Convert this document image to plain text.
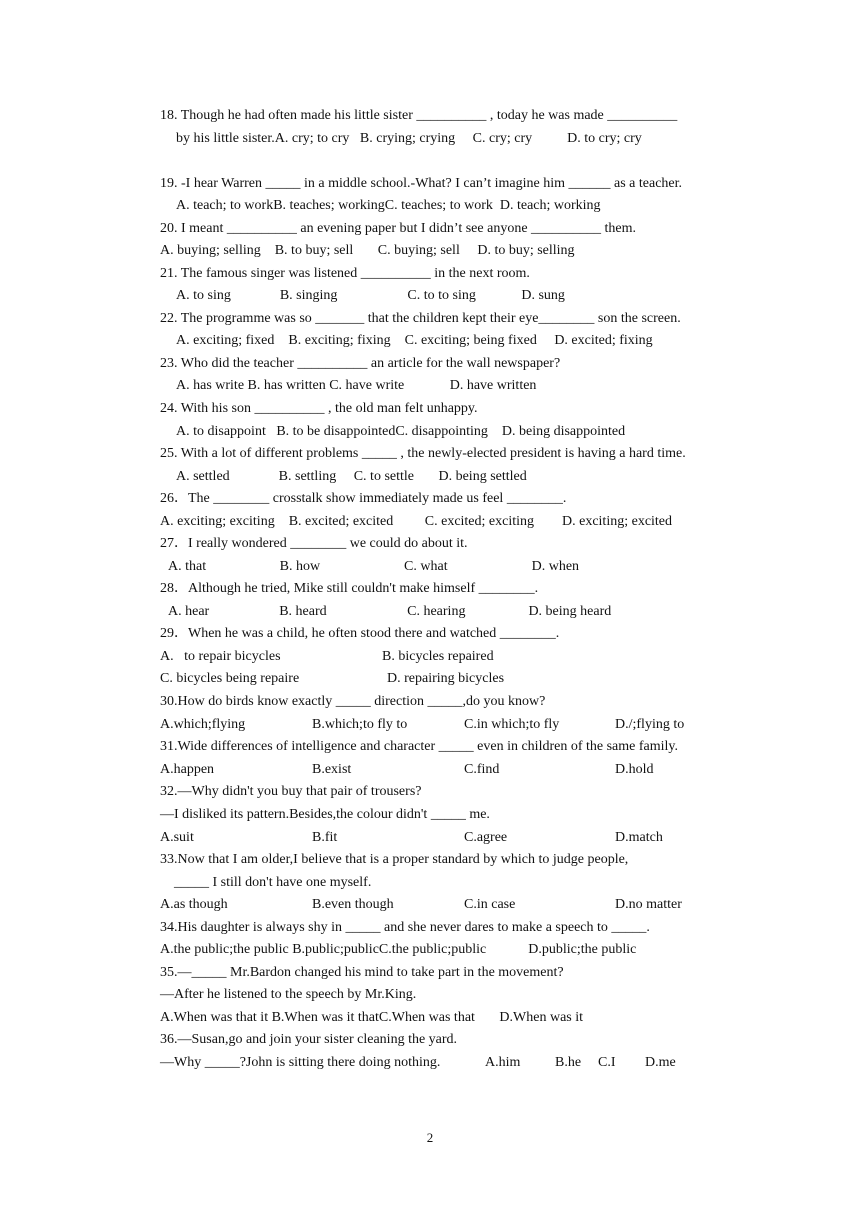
18. Though he had often made his little sister __________ , today he was made __________
by his little sister.A. cry; to cry   B. crying; crying     C. cry; cry          D. to cry; cry
19. -I hear Warren _____ in a middle school.-What? I can’t imagine him ______ as a teacher.
A. teach; to workB. teaches; workingC. teaches; to work  D. teach; working
20. I meant __________ an evening paper but I didn’t see anyone __________ them.
A. buying; selling    B. to buy; sell       C. buying; sell     D. to buy; selling
21. The famous singer was listened __________ in the next room.
A. to sing              B. singing                    C. to to sing             D. sung
22. The programme was so _______ that the children kept their eye________ son the screen.
A. exciting; fixed    B. exciting; fixing    C. exciting; being fixed     D. excited; fixing
23. Who did the teacher __________ an article for the wall newspaper?
A. has write B. has written C. have write             D. have written
24. With his son __________ , the old man felt unhappy.
A. to disappoint   B. to be disappointedC. disappointing    D. being disappointed
25. With a lot of different problems _____ , the newly-elected president is having a hard time.
A. settled              B. settling     C. to settle       D. being settled
26．The ________ crosstalk show immediately made us feel ________.
A. exciting; exciting    B. excited; excited         C. excited; exciting        D. exciting; excited
27．I really wondered ________ we could do about it.
A. that                     B. how                        C. what                        D. when
28．Although he tried, Mike still couldn't make himself ________.
A. hear                    B. heard                       C. hearing                  D. being heard
29．When he was a child, he often stood there and watched ________.
A.   to repair bicycles	B. bicycles repaired
C. bicycles being repaire	D. repairing bicycles
30.How do birds know exactly _____ direction _____,do you know?
A.which;flying	B.which;to fly to	C.in which;to fly	D./;flying to
31.Wide differences of intelligence and character _____ even in children of the same family.
A.happen	B.exist	C.find	D.hold
32.—Why didn't you buy that pair of trousers?
—I disliked its pattern.Besides,the colour didn't _____ me.
A.suit	B.fit	C.agree	D.match
33.Now that I am older,I believe that is a proper standard by which to judge people,
_____ I still don't have one myself.
A.as though	B.even though	C.in case	D.no matter
34.His daughter is always shy in _____ and she never dares to make a speech to _____.
A.the public;the public B.public;publicC.the public;public            D.public;the public
35.—_____ Mr.Bardon changed his mind to take part in the movement?
—After he listened to the speech by Mr.King.
A.When was that it B.When was it thatC.When was that       D.When was it
36.—Susan,go and join your sister cleaning the yard.
—Why _____?John is sitting there doing nothing.	A.him B.he C.I D.me
2
